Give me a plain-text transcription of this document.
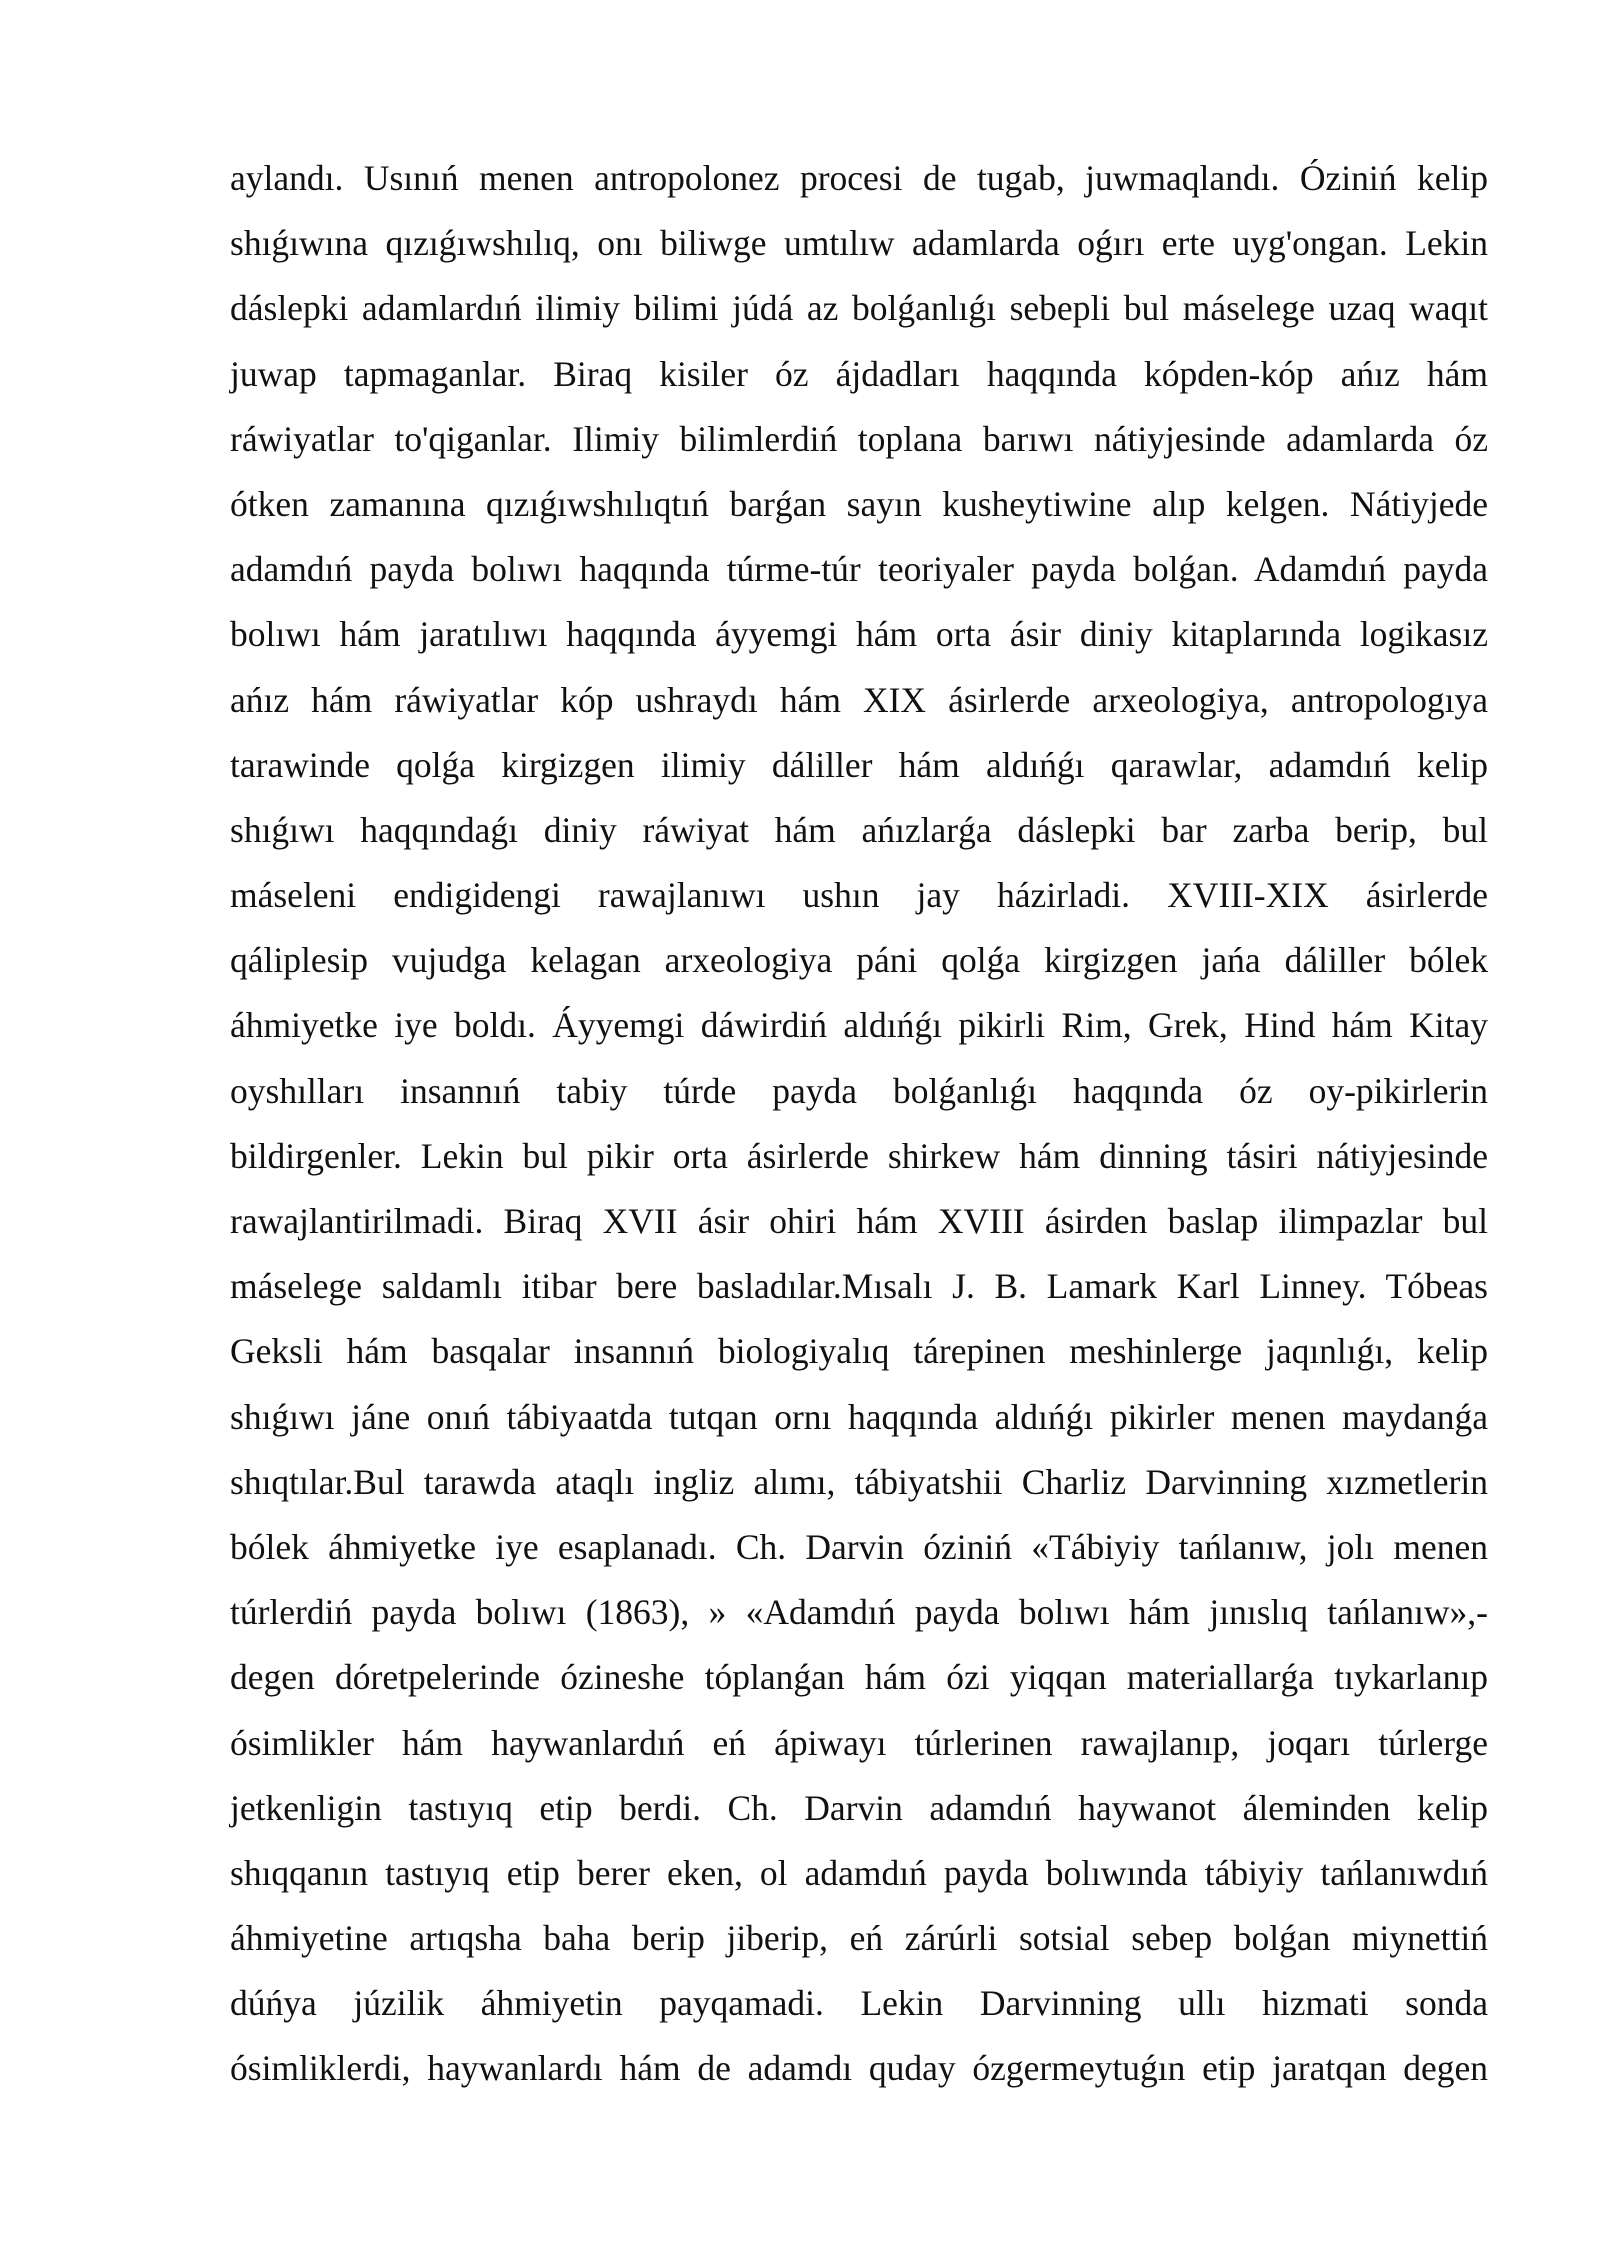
aylandı. Usınıń menen antropolonez procesi de tugab, juwmaqlandı. Óziniń kelip
shıǵıwına qızıǵıwshılıq, onı biliwge umtılıw adamlarda oǵırı erte uyg'ongan. Lekin
dáslepki adamlardıń ilimiy bilimi júdá az bolǵanlıǵı sebepli bul máselege uzaq waqıt
juwap tapmaganlar. Biraq kisiler óz ájdadları haqqında kópden-kóp ańız hám
ráwiyatlar to'qiganlar. Ilimiy bilimlerdiń toplana barıwı nátiyjesinde adamlarda óz
ótken zamanına qızıǵıwshılıqtıń barǵan sayın kusheytiwine alıp kelgen. Nátiyjede
adamdıń payda bolıwı haqqında túrme-túr teoriyaler payda bolǵan. Adamdıń payda
bolıwı hám jaratılıwı haqqında áyyemgi hám orta ásir diniy kitaplarında logikasız
ańız hám ráwiyatlar kóp ushraydı hám XIX ásirlerde arxeologiya, antropologıya
tarawinde qolǵa kirgizgen ilimiy dáliller hám aldıńǵı qarawlar, adamdıń kelip
shıǵıwı haqqındaǵı diniy ráwiyat hám ańızlarǵa dáslepki bar zarba berip, bul
máseleni endigidengi rawajlanıwı ushın jay házirladi. XVIII-XIX ásirlerde
qáliplesip vujudga kelagan arxeologiya páni qolǵa kirgizgen jańa dáliller bólek
áhmiyetke iye boldı. Áyyemgi dáwirdiń aldıńǵı pikirli Rim, Grek, Hind hám Kitay
oyshılları insannıń tabiy túrde payda bolǵanlıǵı haqqında óz oy-pikirlerin
bildirgenler. Lekin bul pikir orta ásirlerde shirkew hám dinning tásiri nátiyjesinde
rawajlantirilmadi. Biraq XVII ásir ohiri hám XVIII ásirden baslap ilimpazlar bul
máselege saldamlı itibar bere basladılar.Mısalı J. B. Lamark Karl Linney. Tóbeas
Geksli hám basqalar insannıń biologiyalıq tárepinen meshinlerge jaqınlıǵı, kelip
shıǵıwı jáne onıń tábiyaatda tutqan ornı haqqında aldıńǵı pikirler menen maydanǵa
shıqtılar.Bul tarawda ataqlı ingliz alımı, tábiyatshii Charliz Darvinning xızmetlerin
bólek áhmiyetke iye esaplanadı. Ch. Darvin óziniń «Tábiyiy tańlanıw, jolı menen
túrlerdiń payda bolıwı (1863), » «Adamdıń payda bolıwı hám jınıslıq tańlanıw»,-
degen dóretpelerinde ózineshe tóplanǵan hám ózi yiqqan materiallarǵa tıykarlanıp
ósimlikler hám haywanlardıń eń ápiwayı túrlerinen rawajlanıp, joqarı túrlerge
jetkenligin tastıyıq etip berdi. Ch. Darvin adamdıń haywanot áleminden kelip
shıqqanın tastıyıq etip berer eken, ol adamdıń payda bolıwında tábiyiy tańlanıwdıń
áhmiyetine artıqsha baha berip jiberip, eń zárúrli sotsial sebep bolǵan miynettiń
dúńya júzilik áhmiyetin payqamadi. Lekin Darvinning ullı hizmati sonda
ósimliklerdi, haywanlardı hám de adamdı quday ózgermeytuǵın etip jaratqan degen
